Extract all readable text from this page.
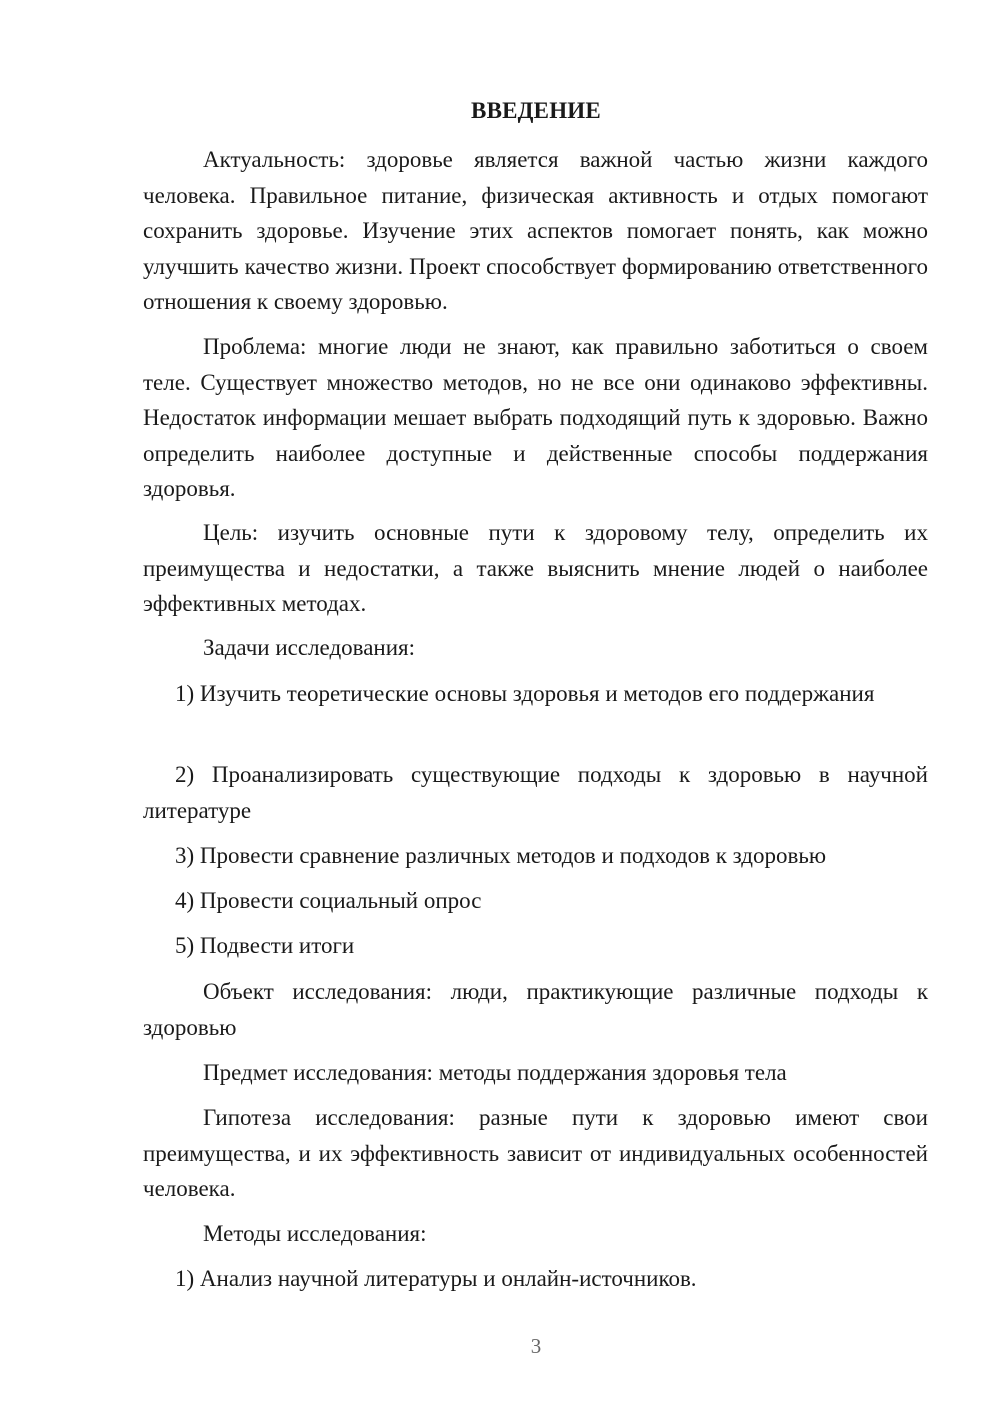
ВВЕДЕНИЕ

Актуальность: здоровье является важной частью жизни каждого человека. Правильное питание, физическая активность и отдых помогают сохранить здоровье. Изучение этих аспектов помогает понять, как можно улучшить качество жизни. Проект способствует формированию ответственного отношения к своему здоровью.

Проблема: многие люди не знают, как правильно заботиться о своем теле. Существует множество методов, но не все они одинаково эффективны. Недостаток информации мешает выбрать подходящий путь к здоровью. Важно определить наиболее доступные и действенные способы поддержания здоровья.

Цель: изучить основные пути к здоровому телу, определить их преимущества и недостатки, а также выяснить мнение людей о наиболее эффективных методах.

Задачи исследования:

1) Изучить теоретические основы здоровья и методов его поддержания

2) Проанализировать существующие подходы к здоровью в научной литературе

3) Провести сравнение различных методов и подходов к здоровью

4) Провести социальный опрос

5) Подвести итоги

Объект исследования: люди, практикующие различные подходы к здоровью

Предмет исследования: методы поддержания здоровья тела

Гипотеза исследования: разные пути к здоровью имеют свои преимущества, и их эффективность зависит от индивидуальных особенностей человека.

Методы исследования:

1) Анализ научной литературы и онлайн-источников.

3
